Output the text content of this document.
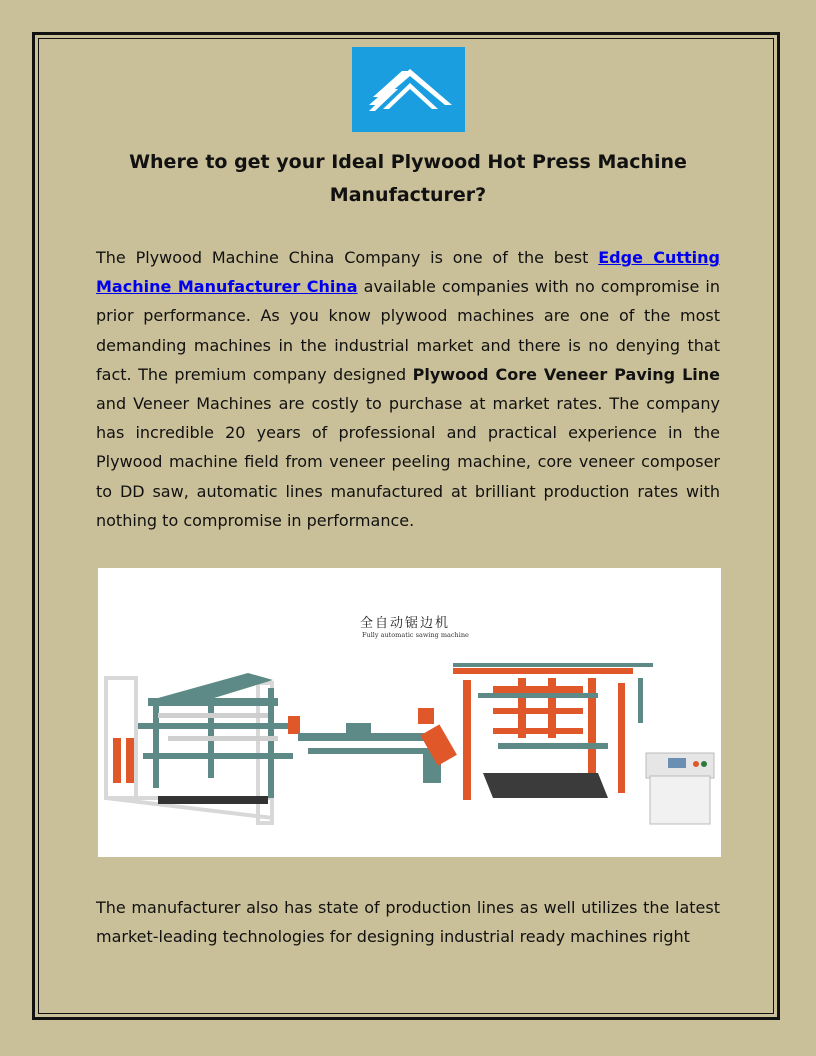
Where to get your Ideal Plywood Hot Press Machine Manufacturer?

The Plywood Machine China Company is one of the best Edge Cutting Machine Manufacturer China available companies with no compromise in prior performance. As you know plywood machines are one of the most demanding machines in the industrial market and there is no denying that fact. The premium company designed Plywood Core Veneer Paving Line and Veneer Machines are costly to purchase at market rates. The company has incredible 20 years of professional and practical experience in the Plywood machine field from veneer peeling machine, core veneer composer to DD saw, automatic lines manufactured at brilliant production rates with nothing to compromise in performance.

全自动锯边机
Fully automatic sawing machine

The manufacturer also has state of production lines as well utilizes the latest market-leading technologies for designing industrial ready machines right
